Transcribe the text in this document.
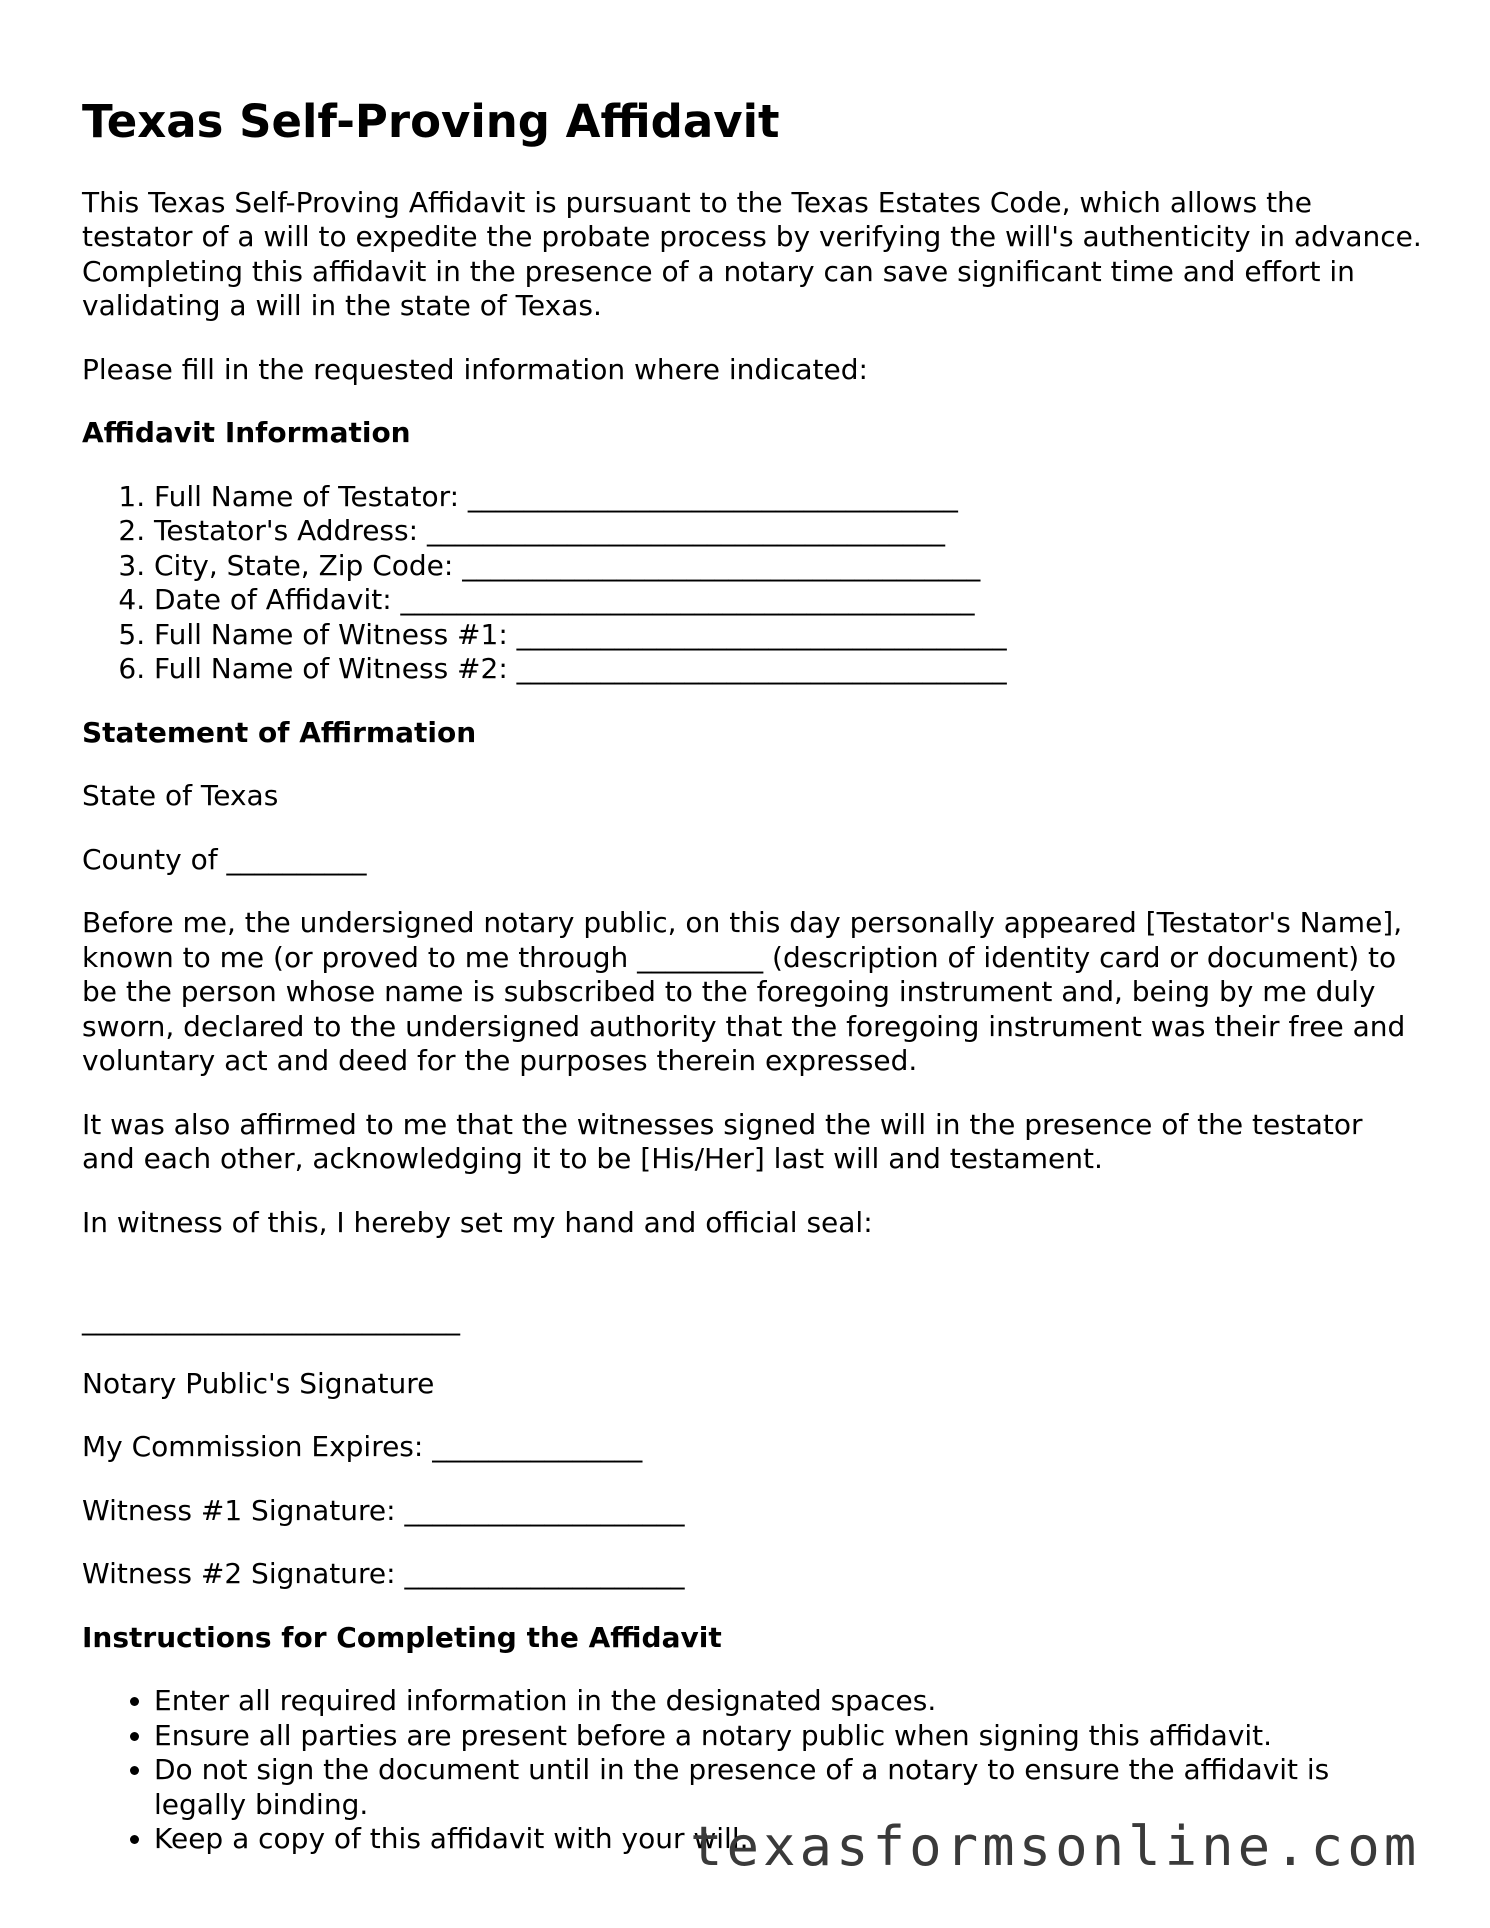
Texas Self-Proving Affidavit

This Texas Self-Proving Affidavit is pursuant to the Texas Estates Code, which allows the testator of a will to expedite the probate process by verifying the will's authenticity in advance. Completing this affidavit in the presence of a notary can save significant time and effort in validating a will in the state of Texas.

Please fill in the requested information where indicated:

Affidavit Information
1. Full Name of Testator: ___________________________________
2. Testator's Address: _____________________________________
3. City, State, Zip Code: _____________________________________
4. Date of Affidavit: _________________________________________
5. Full Name of Witness #1: ___________________________________
6. Full Name of Witness #2: ___________________________________
Statement of Affirmation

State of Texas

County of __________

Before me, the undersigned notary public, on this day personally appeared [Testator's Name], known to me (or proved to me through _________ (description of identity card or document) to be the person whose name is subscribed to the foregoing instrument and, being by me duly sworn, declared to the undersigned authority that the foregoing instrument was their free and voluntary act and deed for the purposes therein expressed.

It was also affirmed to me that the witnesses signed the will in the presence of the testator and each other, acknowledging it to be [His/Her] last will and testament.

In witness of this, I hereby set my hand and official seal:

___________________________

Notary Public's Signature

My Commission Expires: _______________

Witness #1 Signature: ____________________

Witness #2 Signature: ____________________

Instructions for Completing the Affidavit
• Enter all required information in the designated spaces.
• Ensure all parties are present before a notary public when signing this affidavit.
• Do not sign the document until in the presence of a notary to ensure the affidavit is legally binding.
• Keep a copy of this affidavit with your will.
texasformsonline.com
